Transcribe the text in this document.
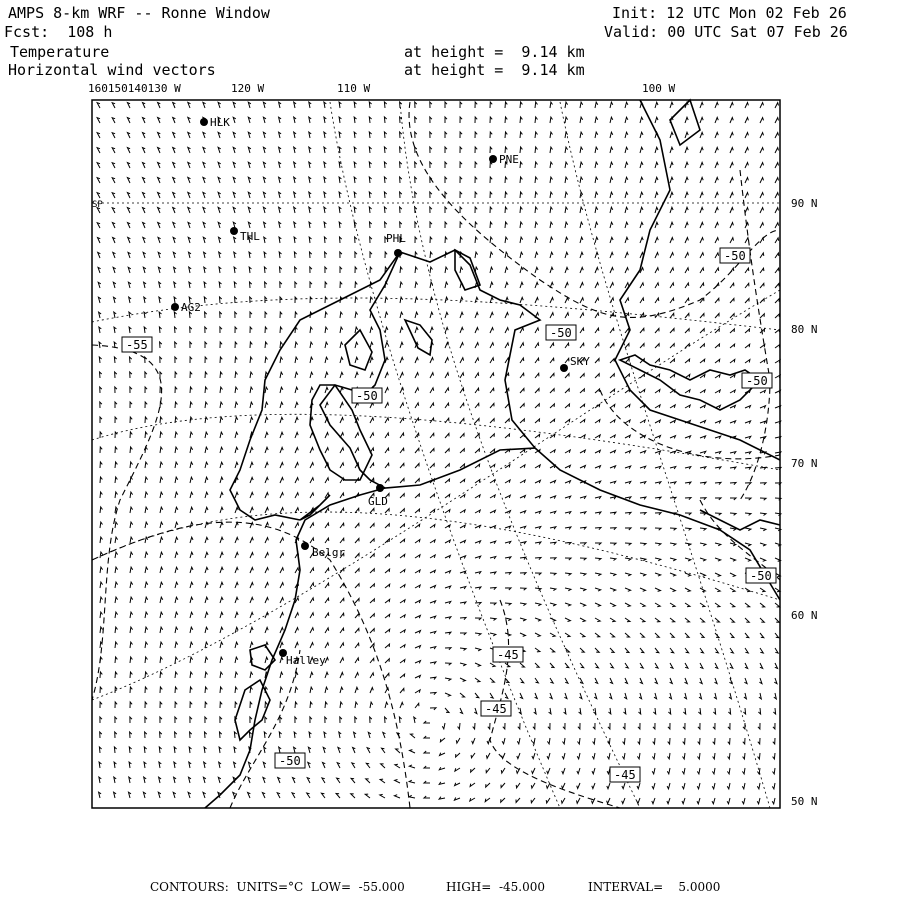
AMPS 8-km WRF -- Ronne Window
Fcst:  108 h
Init: 12 UTC Mon 02 Feb 26
Valid: 00 UTC Sat 07 Feb 26
Temperature
Horizontal wind vectors
at height =  9.14 km
at height =  9.14 km
HLK
PNE
THL	PHL
AG2
SKY
GLD
Belgr
Halley
-55
-50
-50
-50
-50
-50
-45
-45
-45
-50
160150140130 W	120 W	110 W	100 W
90 N
80 N
70 N
60 N
50 N
SP
CONTOURS:  UNITS=°C  LOW=  -55.000	HIGH=  -45.000	INTERVAL=    5.0000
